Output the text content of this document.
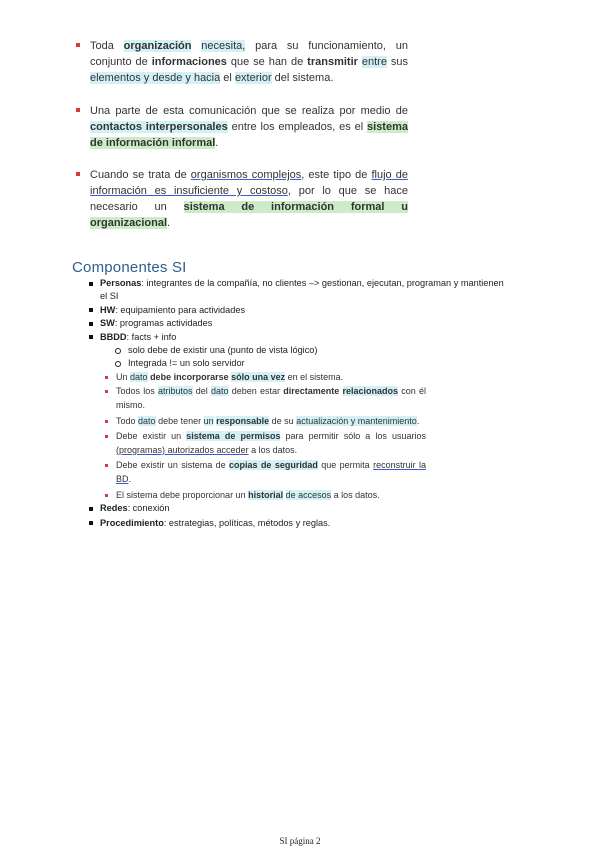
Toda organización necesita, para su funcionamiento, un conjunto de informaciones que se han de transmitir entre sus elementos y desde y hacia el exterior del sistema.
Una parte de esta comunicación que se realiza por medio de contactos interpersonales entre los empleados, es el sistema de información informal.
Cuando se trata de organismos complejos, este tipo de flujo de información es insuficiente y costoso, por lo que se hace necesario un sistema de información formal u organizacional.
Componentes SI
Personas: integrantes de la compañía, no clientes –> gestionan, ejecutan, programan y mantienen el SI
HW: equipamiento para actividades
SW: programas actividades
BBDD: facts + info
solo debe de existir una (punto de vista lógico)
Integrada != un solo servidor
Un dato debe incorporarse sólo una vez en el sistema.
Todos los atributos del dato deben estar directamente relacionados con él mismo.
Todo dato debe tener un responsable de su actualización y mantenimiento.
Debe existir un sistema de permisos para permitir sólo a los usuarios (programas) autorizados acceder a los datos.
Debe existir un sistema de copias de seguridad que permita reconstruir la BD.
El sistema debe proporcionar un historial de accesos a los datos.
Redes: conexión
Procedimiento: estrategias, políticas, métodos y reglas.
SI página 2
